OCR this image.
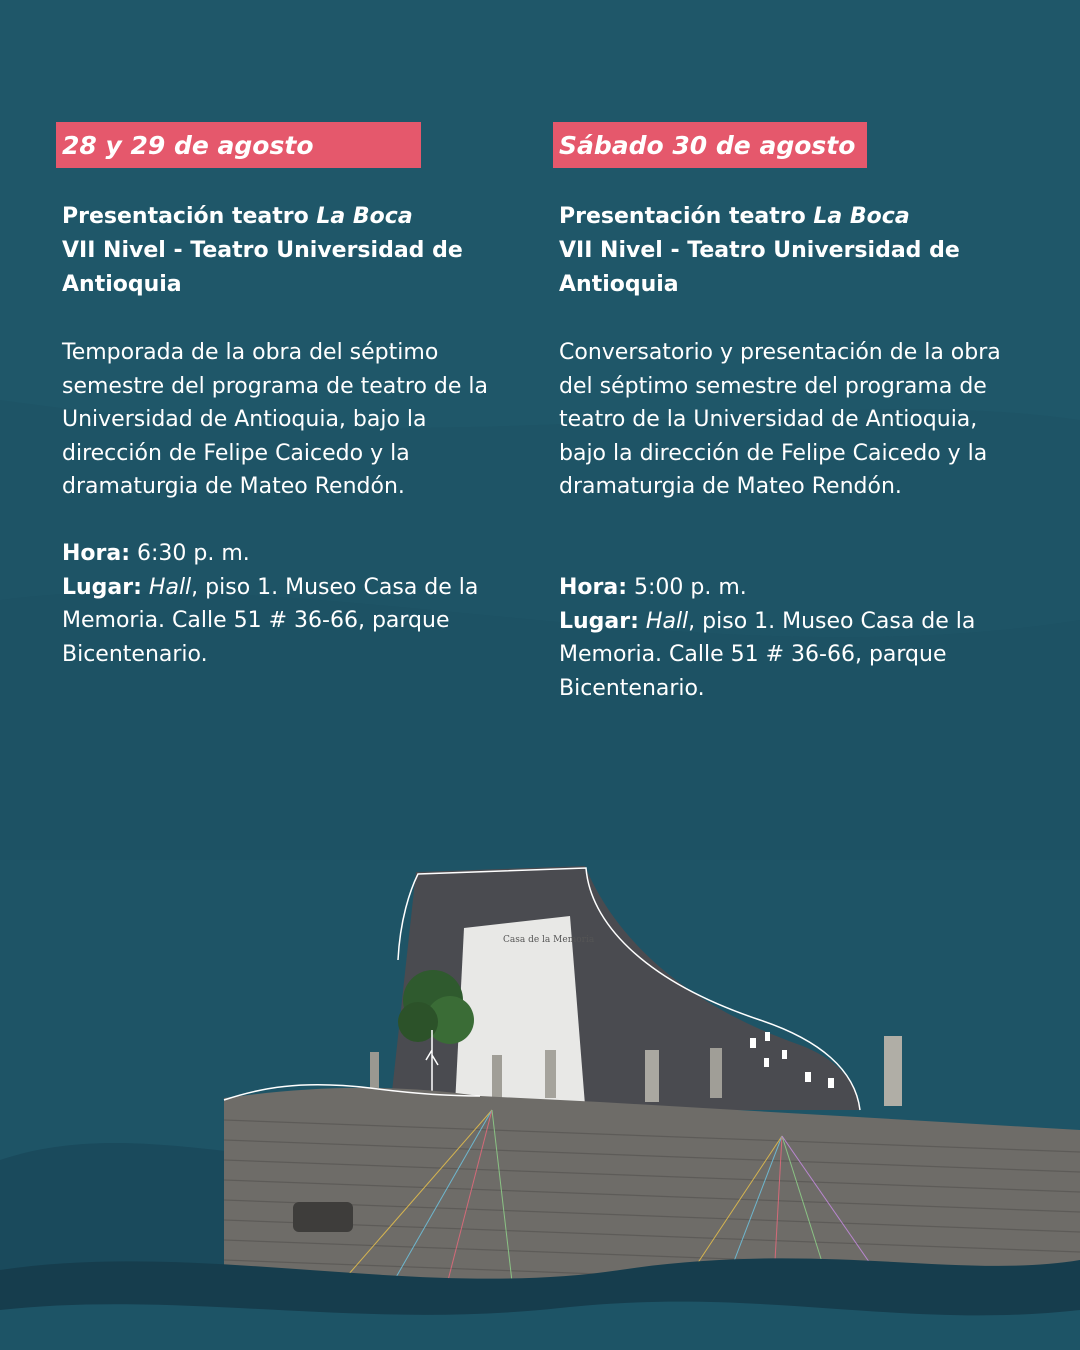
28 y 29 de agosto
Presentación teatro La Boca
VII Nivel - Teatro Universidad de
Antioquia
Temporada de la obra del séptimo semestre del programa de teatro de la Universidad de Antioquia, bajo la dirección de Felipe Caicedo y la dramaturgia de Mateo Rendón.
Hora: 6:30 p. m.
Lugar: Hall, piso 1. Museo Casa de la Memoria. Calle 51 # 36-66, parque Bicentenario.
Sábado 30 de agosto
Presentación teatro La Boca
VII Nivel - Teatro Universidad de
Antioquia
Conversatorio y presentación de la obra del séptimo semestre del programa de teatro de la Universidad de Antioquia, bajo la dirección de Felipe Caicedo y la dramaturgia de Mateo Rendón.
Hora: 5:00 p. m.
Lugar: Hall, piso 1. Museo Casa de la Memoria. Calle 51 # 36-66, parque Bicentenario.
Casa de la Memoria
